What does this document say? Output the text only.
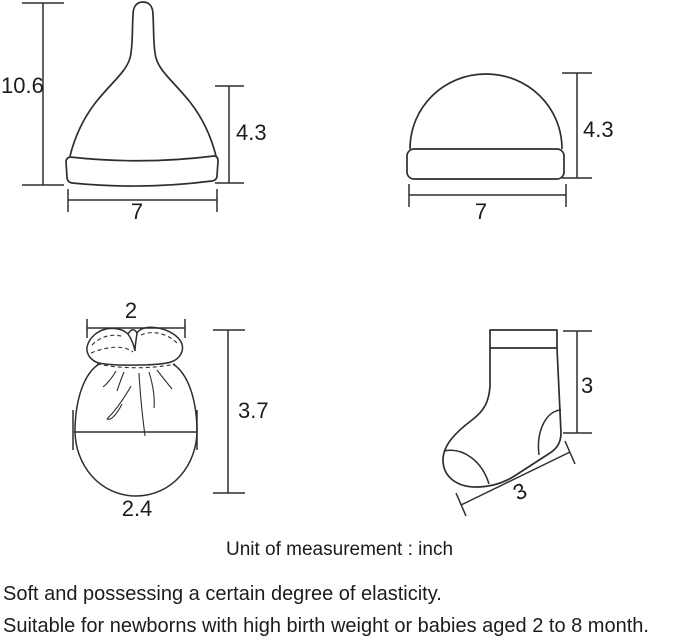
10.6
4.3
7
4.3
7
2
3.7
2.4
3
3
Unit of measurement : inch
Soft and possessing a certain degree of elasticity.
Suitable for newborns with high birth weight or babies aged 2 to 8 month.
